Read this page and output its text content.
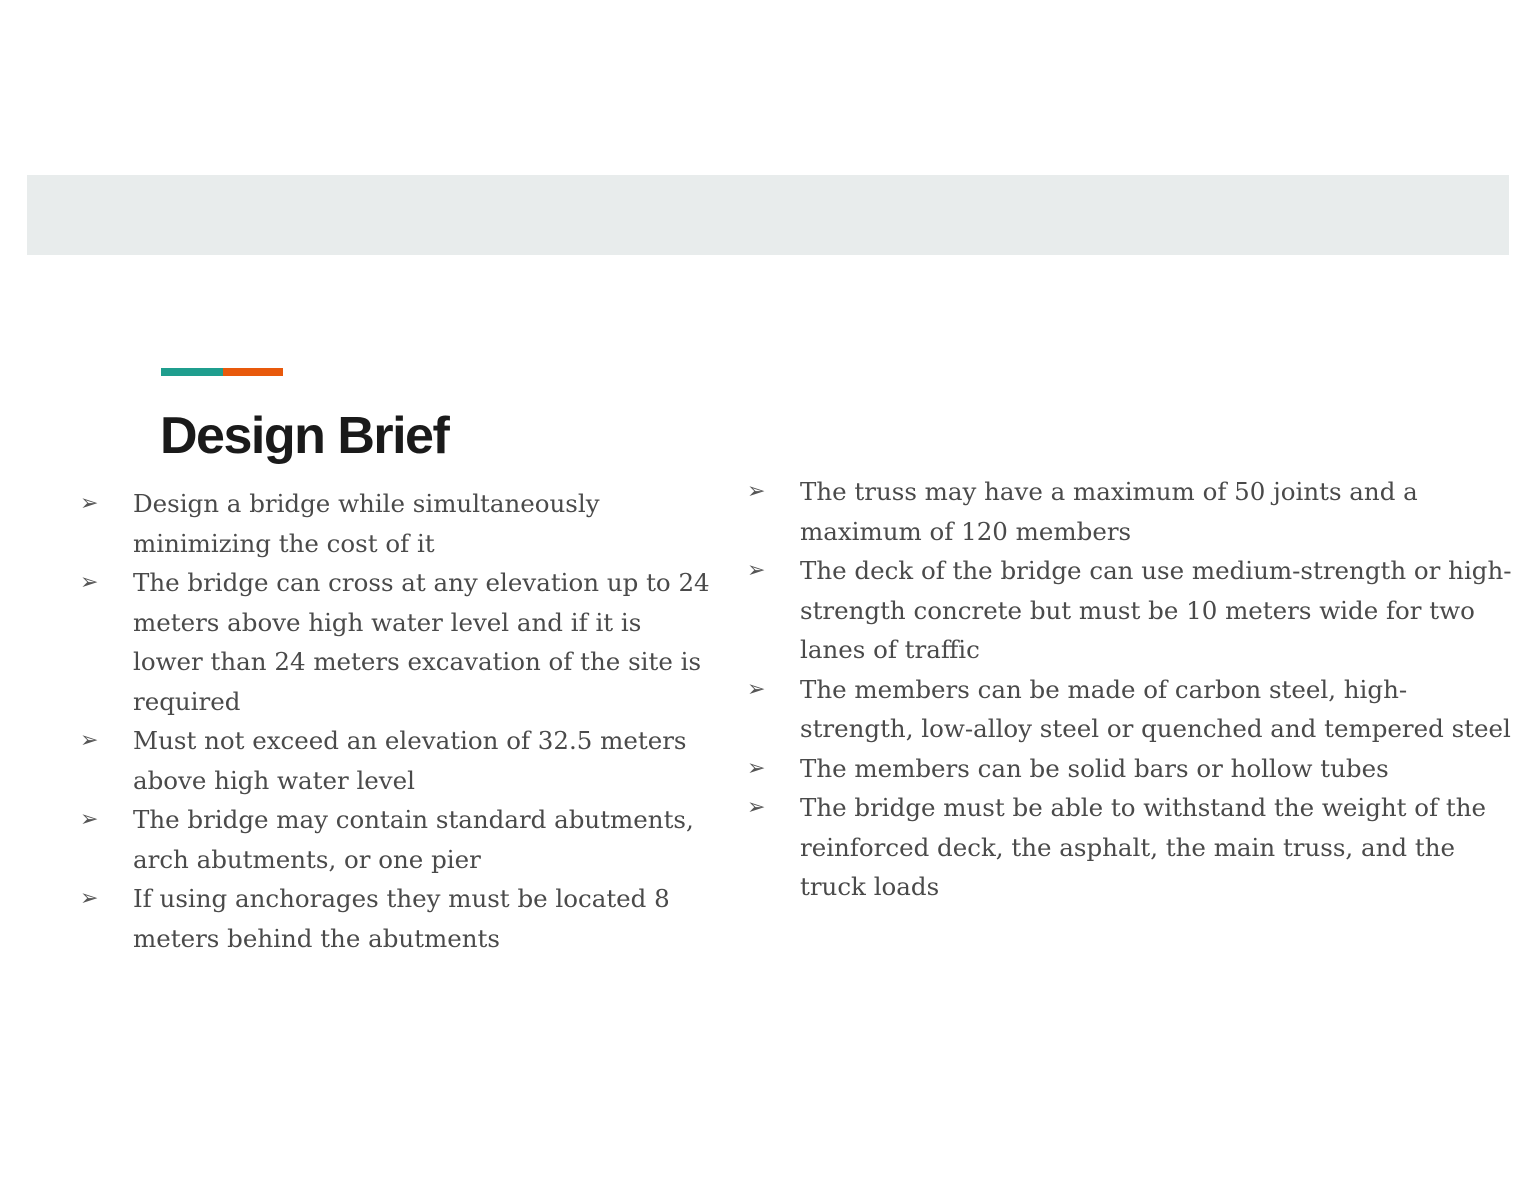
Design Brief
➢ Design a bridge while simultaneously minimizing the cost of it
➢ The bridge can cross at any elevation up to 24 meters above high water level and if it is lower than 24 meters excavation of the site is required
➢ Must not exceed an elevation of 32.5 meters above high water level
➢ The bridge may contain standard abutments, arch abutments, or one pier
➢ If using anchorages they must be located 8 meters behind the abutments
➢ The truss may have a maximum of 50 joints and a maximum of 120 members
➢ The deck of the bridge can use medium-strength or high-strength concrete but must be 10 meters wide for two lanes of traffic
➢ The members can be made of carbon steel, high-strength, low-alloy steel or quenched and tempered steel
➢ The members can be solid bars or hollow tubes
➢ The bridge must be able to withstand the weight of the reinforced deck, the asphalt, the main truss, and the truck loads
